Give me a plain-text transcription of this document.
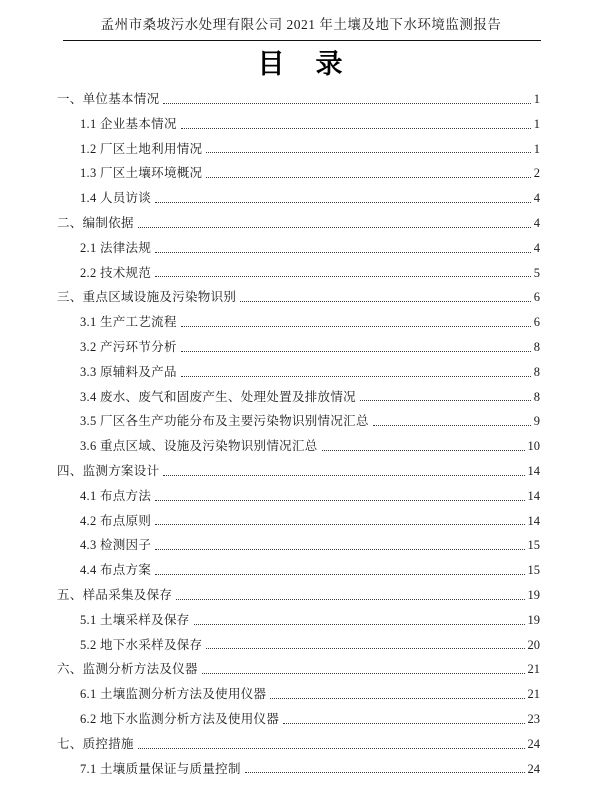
孟州市桑坡污水处理有限公司 2021 年土壤及地下水环境监测报告
目　录
一、单位基本情况	1
1.1 企业基本情况	1
1.2 厂区土地利用情况	1
1.3 厂区土壤环境概况	2
1.4 人员访谈	4
二、编制依据	4
2.1 法律法规	4
2.2 技术规范	5
三、重点区域设施及污染物识别	6
3.1 生产工艺流程	6
3.2 产污环节分析	8
3.3 原辅料及产品	8
3.4 废水、废气和固废产生、处理处置及排放情况	8
3.5 厂区各生产功能分布及主要污染物识别情况汇总	9
3.6 重点区域、设施及污染物识别情况汇总	10
四、监测方案设计	14
4.1 布点方法	14
4.2 布点原则	14
4.3 检测因子	15
4.4 布点方案	15
五、样品采集及保存	19
5.1 土壤采样及保存	19
5.2 地下水采样及保存	20
六、监测分析方法及仪器	21
6.1 土壤监测分析方法及使用仪器	21
6.2 地下水监测分析方法及使用仪器	23
七、质控措施	24
7.1 土壤质量保证与质量控制	24
